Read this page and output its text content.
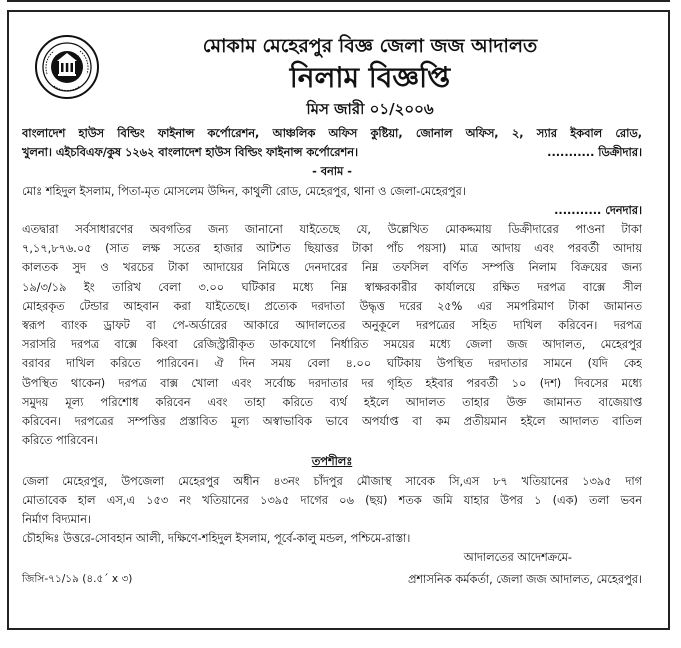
মোকাম মেহেরপুর বিজ্ঞ জেলা জজ আদালত
নিলাম বিজ্ঞপ্তি
মিস জারী ০১/২০০৬
বাংলাদেশ হাউস বিল্ডিং ফাইনান্স কর্পোরেশন, আঞ্চলিক অফিস কুষ্টিয়া, জোনাল অফিস, ২, স্যার ইকবাল রোড,
খুলনা। এইচবিএফ/কুষ ১২৬২ বাংলাদেশ হাউস বিল্ডিং ফাইনান্স কর্পোরেশন।	........... ডিক্রীদার।
- বনাম -
মোঃ শহিদুল ইসলাম, পিতা-মৃত মোসলেম উদ্দিন, কাথুলী রোড, মেহেরপুর, থানা ও জেলা-মেহেরপুর।
........... দেনদার।
এতদ্বারা সর্বসাধারণের অবগতির জন্য জানানো যাইতেছে যে, উল্লেখিত মোকদ্দমায় ডিক্রীদারের পাওনা টাকা
৭,১৭,৮৭৬.০৫ (সাত লক্ষ সতের হাজার আটশত ছিয়াত্তর টাকা পাঁচ পয়সা) মাত্র আদায় এবং পরবর্তী আদায়
কালতক সুদ ও খরচের টাকা আদায়ের নিমিত্তে দেনদারের নিম্ন তফসিল বর্ণিত সম্পত্তি নিলাম বিক্রয়ের জন্য
১৯/৩/১৯ ইং তারিখ বেলা ৩.০০ ঘটিকার মধ্যে নিম্ন স্বাক্ষরকারীর কার্যালয়ে রক্ষিত দরপত্র বাক্সে সীল
মোহরকৃত টেন্ডার আহবান করা যাইতেছে। প্রত্যেক দরদাতা উদ্ধৃত্ত দরের ২৫% এর সমপরিমাণ টাকা জামানত
স্বরূপ ব্যাংক ড্রাফট বা পে-অর্ডারের আকারে আদালতের অনুকূলে দরপত্রের সহিত দাখিল করিবেন। দরপত্র
সরাসরি দরপত্র বাক্সে কিংবা রেজিস্ট্রারীকৃত ডাকযোগে নির্ধারিত সময়ের মধ্যে জেলা জজ আদালত, মেহেরপুর
বরাবর দাখিল করিতে পারিবেন। ঐ দিন সময় বেলা ৪.০০ ঘটিকায় উপস্থিত দরদাতার সামনে (যদি কেহ
উপস্থিত থাকেন) দরপত্র বাক্স খোলা এবং সর্বোচ্চ দরদাতার দর গৃহিত হইবার পরবর্তী ১০ (দশ) দিবসের মধ্যে
সমুদয় মূল্য পরিশোধ করিবেন এবং তাহা করিতে ব্যর্থ হইলে আদালত তাহার উক্ত জামানত বাজেয়াপ্ত
করিবেন। দরপত্রের সম্পত্তির প্রস্তাবিত মূল্য অস্বাভাবিক ভাবে অপর্যাপ্ত বা কম প্রতীয়মান হইলে আদালত বাতিল
করিতে পারিবেন।
তপশীলঃ
জেলা মেহেরপুর, উপজেলা মেহেরপুর অধীন ৪৩নং চাঁদপুর মৌজাস্থ সাবেক সি,এস ৮৭ খতিয়ানের ১৩৯৫ দাগ
মোতাবেক হাল এস,এ ১৫৩ নং খতিয়ানের ১৩৯৫ দাগের ০৬ (ছয়) শতক জমি যাহার উপর ১ (এক) তলা ভবন
নির্মাণ বিদ্যমান।
চৌহদ্দিঃ উত্তরে-সোবহান আলী, দক্ষিণে-শহিদুল ইসলাম, পূর্বে-কালু মন্ডল, পশ্চিমে-রাস্তা।
আদালতের আদেশক্রমে-
জিসি-৭১/১৯ (৪.৫ˊ x ৩)	প্রশাসনিক কর্মকর্তা, জেলা জজ আদালত, মেহেরপুর।
